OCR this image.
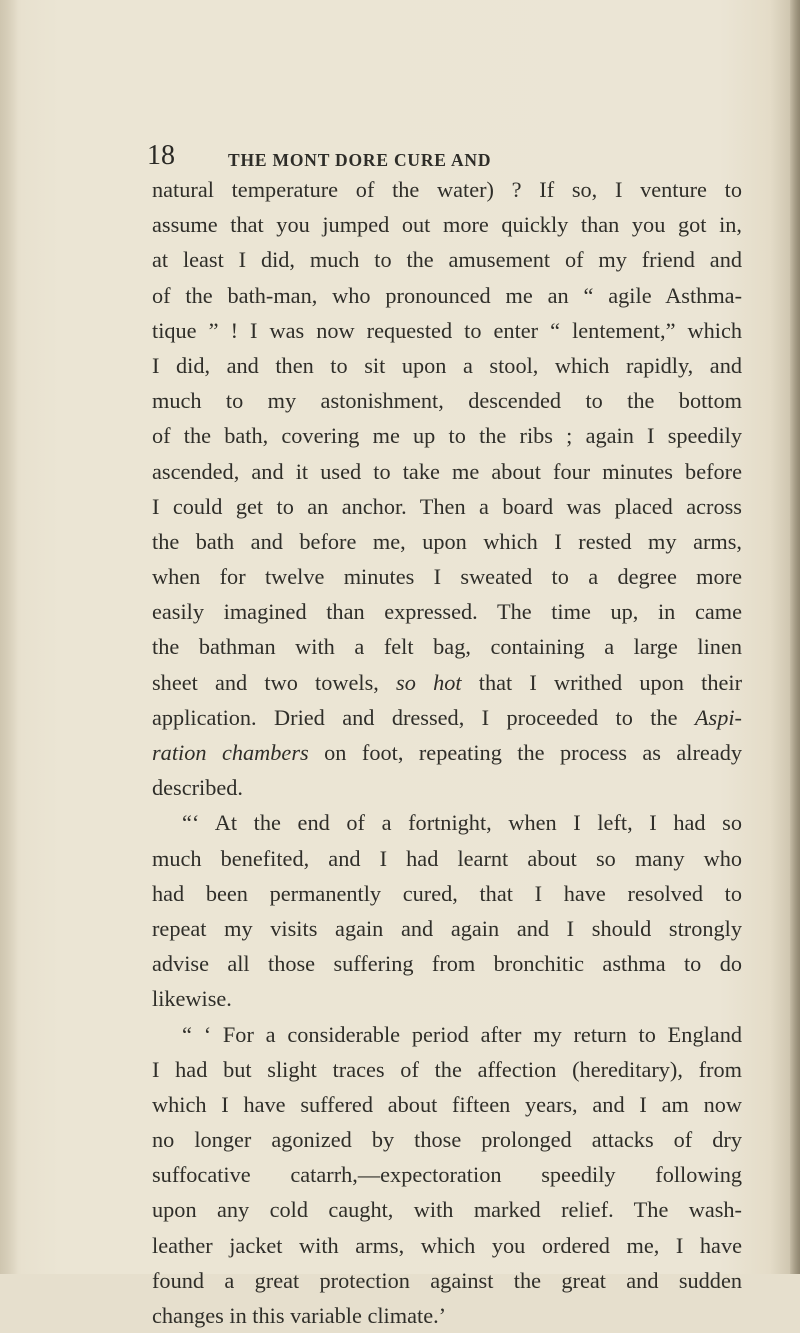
18	THE MONT DORE CURE AND
natural temperature of the water) ? If so, I venture to
assume that you jumped out more quickly than you got in,
at least I did, much to the amusement of my friend and
of the bath-man, who pronounced me an “ agile Asthma-
tique ” ! I was now requested to enter “ lentement,” which
I did, and then to sit upon a stool, which rapidly, and
much to my astonishment, descended to the bottom
of the bath, covering me up to the ribs ; again I speedily
ascended, and it used to take me about four minutes before
I could get to an anchor. Then a board was placed across
the bath and before me, upon which I rested my arms,
when for twelve minutes I sweated to a degree more
easily imagined than expressed. The time up, in came
the bathman with a felt bag, containing a large linen
sheet and two towels, so hot that I writhed upon their
application. Dried and dressed, I proceeded to the Aspi-
ration chambers on foot, repeating the process as already
described.
“‘ At the end of a fortnight, when I left, I had so
much benefited, and I had learnt about so many who
had been permanently cured, that I have resolved to
repeat my visits again and again and I should strongly
advise all those suffering from bronchitic asthma to do
likewise.
“ ‘ For a considerable period after my return to England
I had but slight traces of the affection (hereditary), from
which I have suffered about fifteen years, and I am now
no longer agonized by those prolonged attacks of dry
suffocative catarrh,—expectoration speedily following
upon any cold caught, with marked relief. The wash-
leather jacket with arms, which you ordered me, I have
found a great protection against the great and sudden
changes in this variable climate.’
